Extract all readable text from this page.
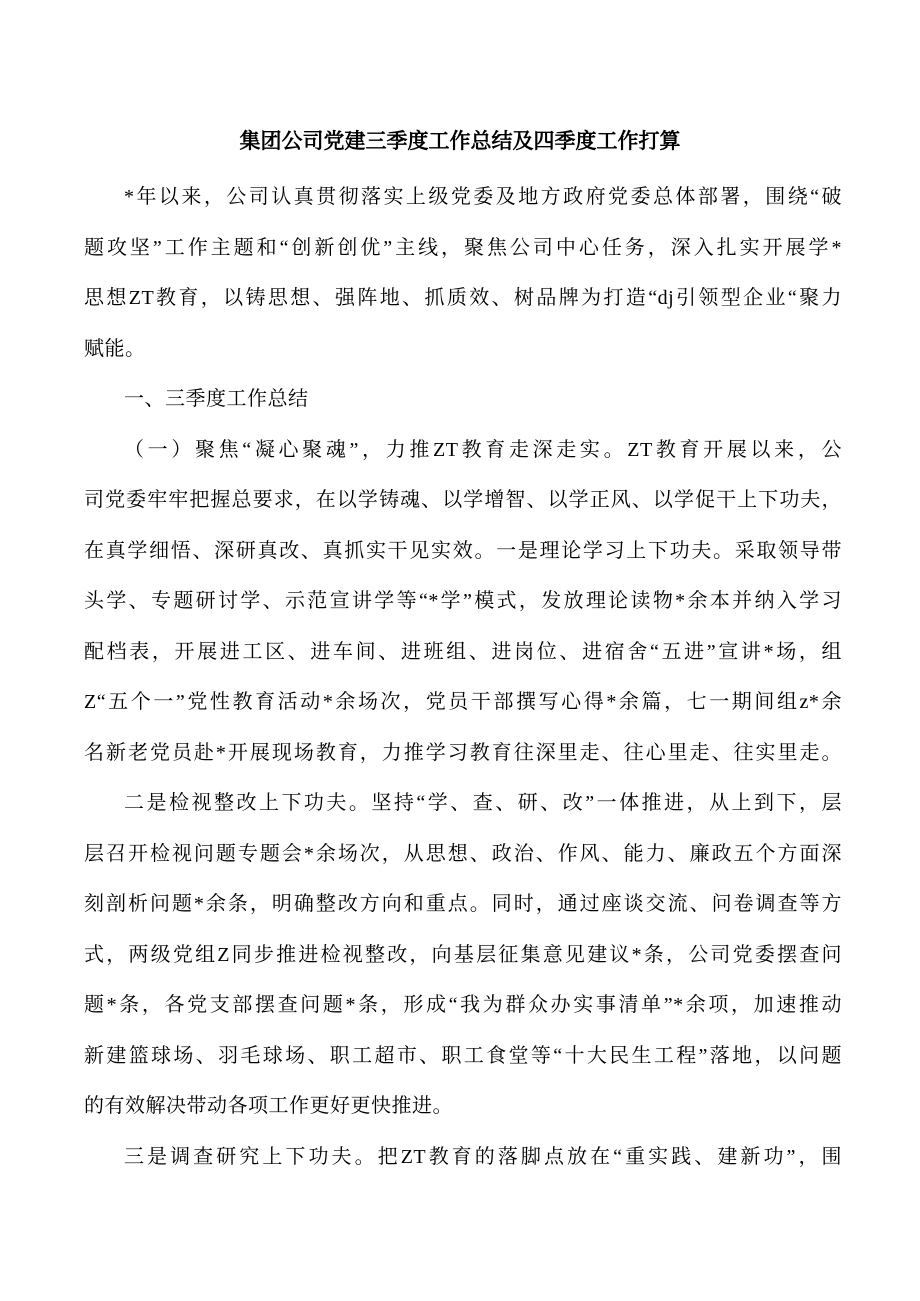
集团公司党建三季度工作总结及四季度工作打算
*年以来，公司认真贯彻落实上级党委及地方政府党委总体部署，围绕“破
题攻坚”工作主题和“创新创优”主线，聚焦公司中心任务，深入扎实开展学*
思想ZT教育，以铸思想、强阵地、抓质效、树品牌为打造“dj引领型企业“聚力
赋能。
一、三季度工作总结
（一）聚焦“凝心聚魂”，力推ZT教育走深走实。ZT教育开展以来，公
司党委牢牢把握总要求，在以学铸魂、以学增智、以学正风、以学促干上下功夫，
在真学细悟、深研真改、真抓实干见实效。一是理论学习上下功夫。采取领导带
头学、专题研讨学、示范宣讲学等“*学”模式，发放理论读物*余本并纳入学习
配档表，开展进工区、进车间、进班组、进岗位、进宿舍“五进”宣讲*场，组
Z“五个一”党性教育活动*余场次，党员干部撰写心得*余篇，七一期间组z*余
名新老党员赴*开展现场教育，力推学习教育往深里走、往心里走、往实里走。
二是检视整改上下功夫。坚持“学、查、研、改”一体推进，从上到下，层
层召开检视问题专题会*余场次，从思想、政治、作风、能力、廉政五个方面深
刻剖析问题*余条，明确整改方向和重点。同时，通过座谈交流、问卷调查等方
式，两级党组Z同步推进检视整改，向基层征集意见建议*条，公司党委摆查问
题*条，各党支部摆查问题*条，形成“我为群众办实事清单”*余项，加速推动
新建篮球场、羽毛球场、职工超市、职工食堂等“十大民生工程”落地，以问题
的有效解决带动各项工作更好更快推进。
三是调查研究上下功夫。把ZT教育的落脚点放在“重实践、建新功”，围
